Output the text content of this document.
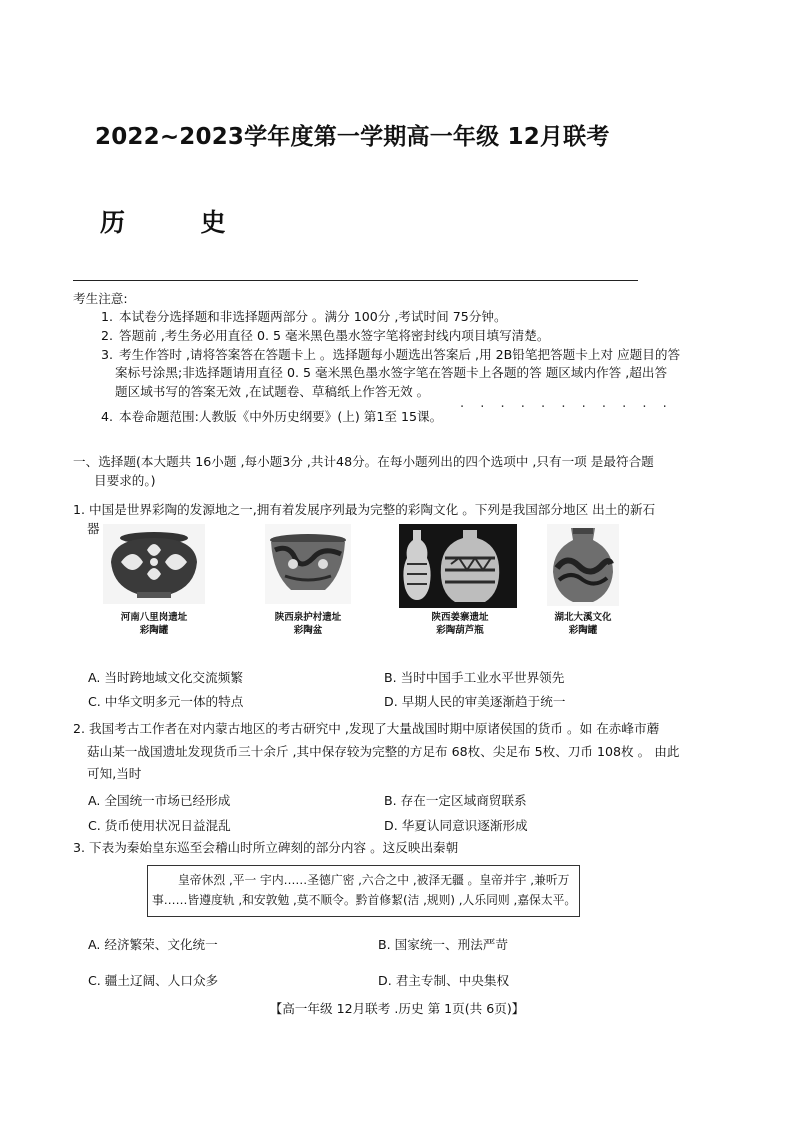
2022~2023学年度第一学期高一年级 12月联考
历	史
考生注意:
1. 本试卷分选择题和非选择题两部分 。满分 100分 ,考试时间 75分钟。
2. 答题前 ,考生务必用直径 0. 5 毫米黑色墨水签字笔将密封线内项目填写清楚。
3. 考生作答时 ,请将答案答在答题卡上 。选择题每小题选出答案后 ,用 2B铅笔把答题卡上对 应题目的答
案标号涂黑;非选择题请用直径 0. 5 毫米黑色墨水签字笔在答题卡上各题的答 题区域内作答 ,超出答
题区域书写的答案无效 ,在试题卷、草稿纸上作答无效 。
4. 本卷命题范围:人教版《中外历史纲要》(上) 第1至 15课。
· · · · · · · · · · ·
一、选择题(本大题共 16小题 ,每小题3分 ,共计48分。在每小题列出的四个选项中 ,只有一项 是最符合题
目要求的。)
1. 中国是世界彩陶的发源地之一,拥有着发展序列最为完整的彩陶文化 。下列是我国部分地区 出土的新石
器
河南八里岗遗址
彩陶罐
陕西泉护村遗址
彩陶盆
陕西姜寨遗址
彩陶葫芦瓶
湖北大溪文化
彩陶罐
A. 当时跨地域文化交流频繁	B. 当时中国手工业水平世界领先
C. 中华文明多元一体的特点	D. 早期人民的审美逐渐趋于统一
2. 我国考古工作者在对内蒙古地区的考古研究中 ,发现了大量战国时期中原诸侯国的货币 。如 在赤峰市蘑
菇山某一战国遗址发现货币三十余斤 ,其中保存较为完整的方足布 68枚、尖足布 5枚、刀币 108枚 。 由此
可知,当时
A. 全国统一市场已经形成	B. 存在一定区域商贸联系
C. 货币使用状况日益混乱	D. 华夏认同意识逐渐形成
3. 下表为秦始皇东巡至会稽山时所立碑刻的部分内容 。这反映出秦朝
皇帝休烈 ,平一 宇内……圣德广密 ,六合之中 ,被泽无疆 。皇帝并宇 ,兼听万
事……皆遵度轨 ,和安敦勉 ,莫不顺令。黔首修絜(洁 ,规则) ,人乐同则 ,嘉保太平。
A. 经济繁荣、文化统一	B. 国家统一、刑法严苛
C. 疆土辽阔、人口众多	D. 君主专制、中央集权
【高一年级 12月联考 .历史 第 1页(共 6页)】
